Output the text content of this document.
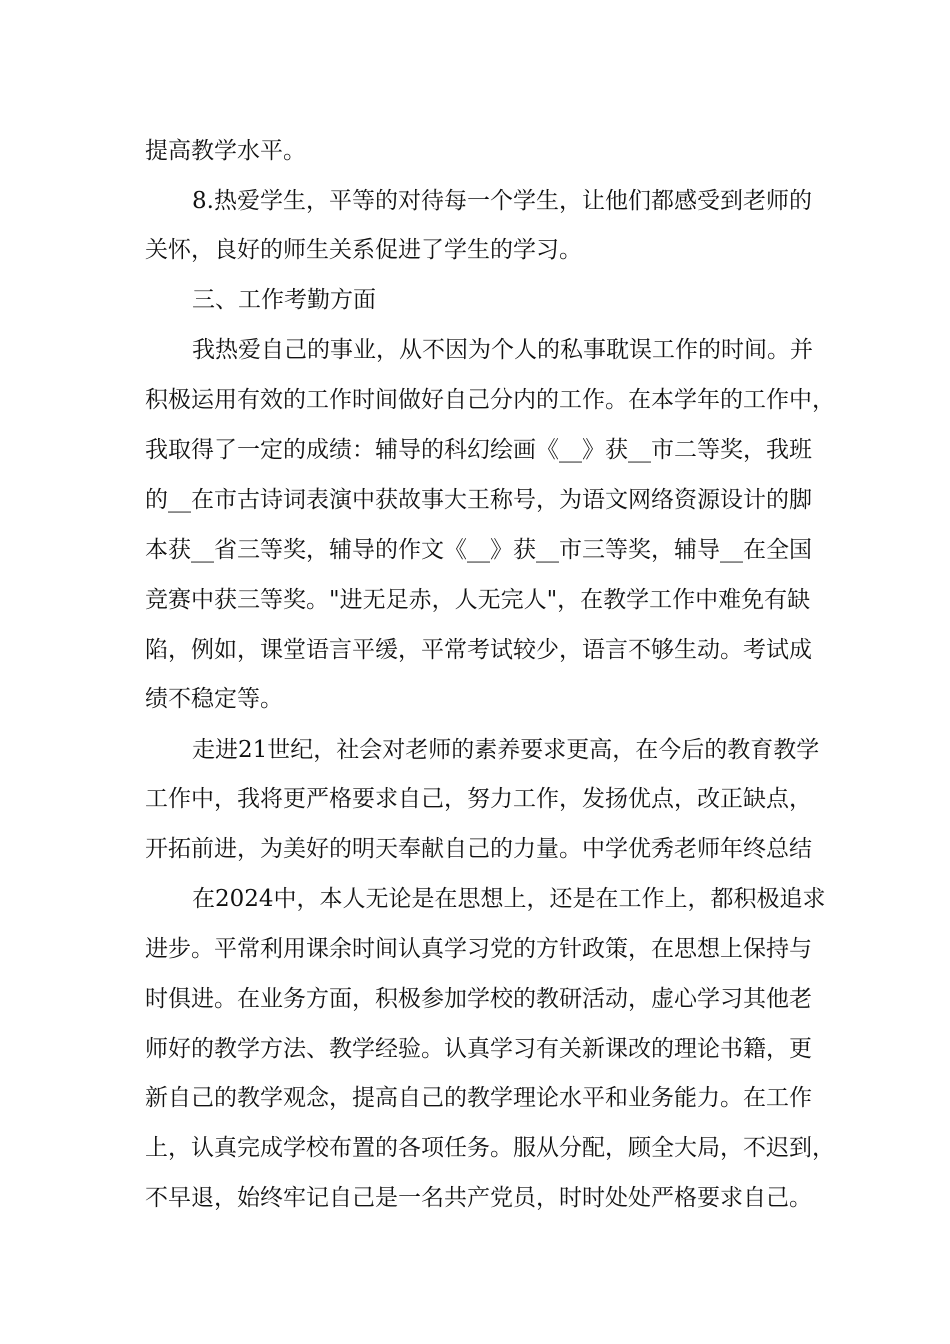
提高教学水平。
8.热爱学生，平等的对待每一个学生，让他们都感受到老师的
关怀，良好的师生关系促进了学生的学习。
三、工作考勤方面
我热爱自己的事业，从不因为个人的私事耽误工作的时间。并
积极运用有效的工作时间做好自己分内的工作。在本学年的工作中，
我取得了一定的成绩：辅导的科幻绘画《__》获__市二等奖，我班
的__在市古诗词表演中获故事大王称号，为语文网络资源设计的脚
本获__省三等奖，辅导的作文《__》获__市三等奖，辅导__在全国
竞赛中获三等奖。"进无足赤，人无完人"，在教学工作中难免有缺
陷，例如，课堂语言平缓，平常考试较少，语言不够生动。考试成
绩不稳定等。
走进21世纪，社会对老师的素养要求更高，在今后的教育教学
工作中，我将更严格要求自己，努力工作，发扬优点，改正缺点，
开拓前进，为美好的明天奉献自己的力量。中学优秀老师年终总结
在2024中，本人无论是在思想上，还是在工作上，都积极追求
进步。平常利用课余时间认真学习党的方针政策，在思想上保持与
时俱进。在业务方面，积极参加学校的教研活动，虚心学习其他老
师好的教学方法、教学经验。认真学习有关新课改的理论书籍，更
新自己的教学观念，提高自己的教学理论水平和业务能力。在工作
上，认真完成学校布置的各项任务。服从分配，顾全大局，不迟到，
不早退，始终牢记自己是一名共产党员，时时处处严格要求自己。
